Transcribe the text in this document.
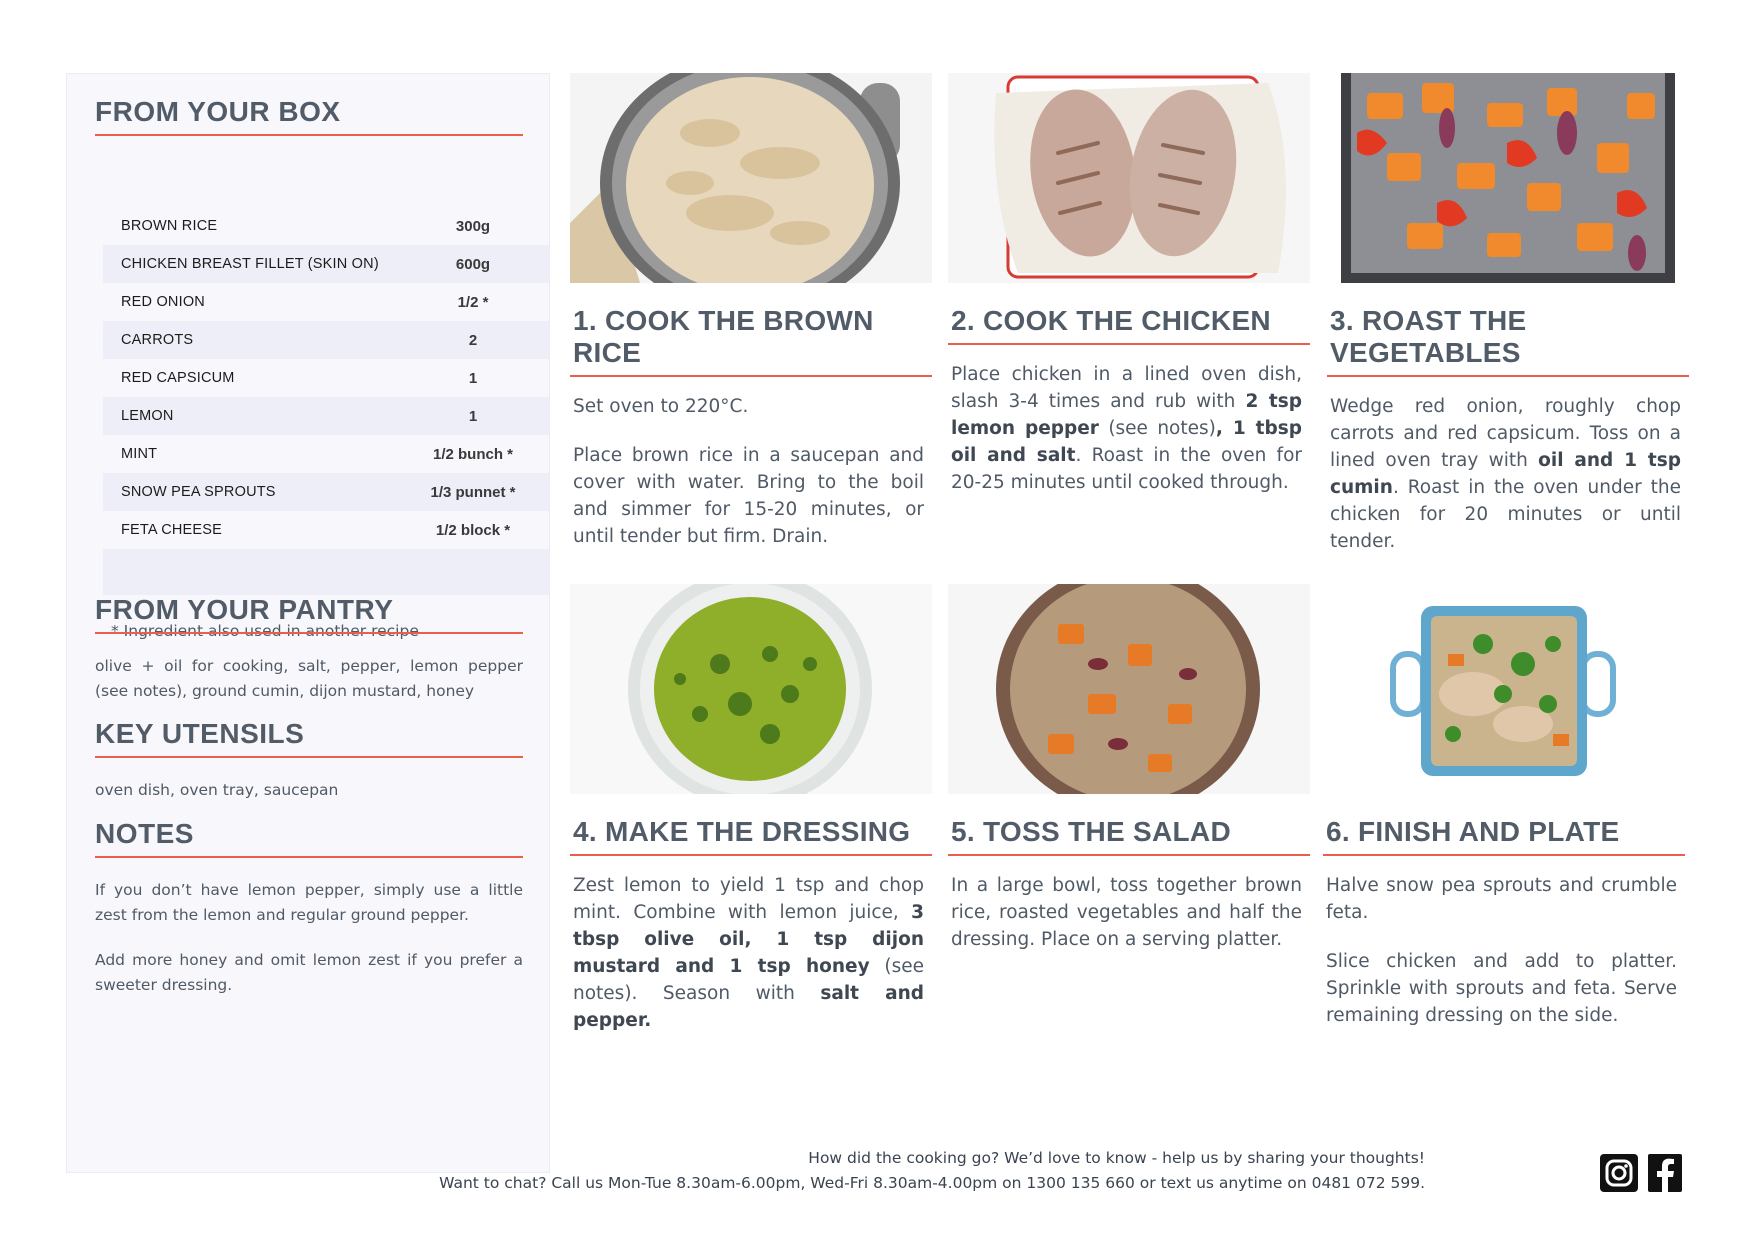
FROM YOUR BOX
BROWN RICE	300g
CHICKEN BREAST FILLET (SKIN ON)	600g
RED ONION	1/2 *
CARROTS	2
RED CAPSICUM	1
LEMON	1
MINT	1/2 bunch *
SNOW PEA SPROUTS	1/3 punnet *
FETA CHEESE	1/2 block *
* Ingredient also used in another recipe
FROM YOUR PANTRY
olive + oil for cooking, salt, pepper, lemon pepper (see notes), ground cumin, dijon mustard, honey
KEY UTENSILS
oven dish, oven tray, saucepan
NOTES
If you don’t have lemon pepper, simply use a little zest from the lemon and regular ground pepper.
Add more honey and omit lemon zest if you prefer a sweeter dressing.
1. COOK THE BROWN RICE

Set oven to 220°C.

Place brown rice in a saucepan and cover with water. Bring to the boil and simmer for 15-20 minutes, or until tender but firm. Drain.

2. COOK THE CHICKEN

Place chicken in a lined oven dish, slash 3-4 times and rub with 2 tsp lemon pepper (see notes), 1 tbsp oil and salt. Roast in the oven for 20-25 minutes until cooked through.

3. ROAST THE VEGETABLES

Wedge red onion, roughly chop carrots and red capsicum. Toss on a lined oven tray with oil and 1 tsp cumin. Roast in the oven under the chicken for 20 minutes or until tender.

4. MAKE THE DRESSING

Zest lemon to yield 1 tsp and chop mint. Combine with lemon juice, 3 tbsp olive oil, 1 tsp dijon mustard and 1 tsp honey (see notes). Season with salt and pepper.

5. TOSS THE SALAD

In a large bowl, toss together brown rice, roasted vegetables and half the dressing. Place on a serving platter.

6. FINISH AND PLATE

Halve snow pea sprouts and crumble feta.

Slice chicken and add to platter. Sprinkle with sprouts and feta. Serve remaining dressing on the side.

How did the cooking go? We’d love to know - help us by sharing your thoughts!
Want to chat? Call us Mon-Tue 8.30am-6.00pm, Wed-Fri 8.30am-4.00pm on 1300 135 660 or text us anytime on 0481 072 599.
